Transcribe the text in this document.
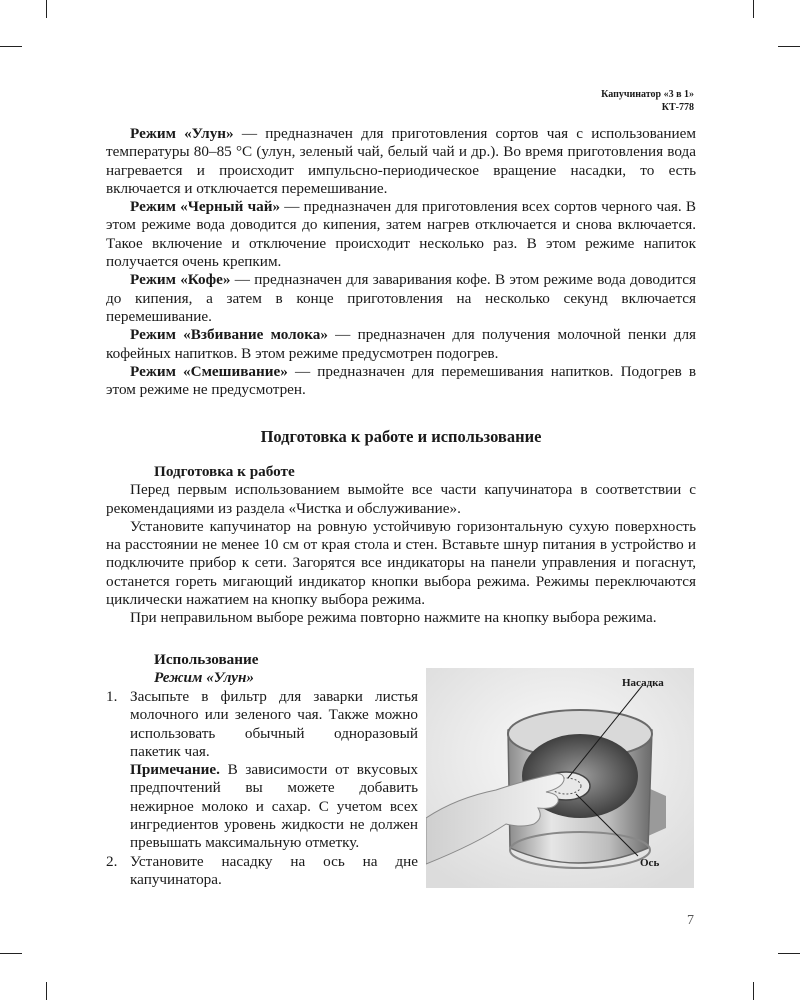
Капучинатор «3 в 1»
КТ-778

Режим «Улун» — предназначен для приготовления сортов чая с использованием температуры 80–85 °С (улун, зеленый чай, белый чай и др.). Во время приготовления вода нагревается и происходит импульсно-периодическое вращение насадки, то есть включается и отключается перемешивание.

Режим «Черный чай» — предназначен для приготовления всех сортов черного чая. В этом режиме вода доводится до кипения, затем нагрев отключается и снова включается. Такое включение и отключение происходит несколько раз. В этом режиме напиток получается очень крепким.

Режим «Кофе» — предназначен для заваривания кофе. В этом режиме вода доводится до кипения, а затем в конце приготовления на несколько секунд включается перемешивание.

Режим «Взбивание молока» — предназначен для получения молочной пенки для кофейных напитков. В этом режиме предусмотрен подогрев.

Режим «Смешивание» — предназначен для перемешивания напитков. Подогрев в этом режиме не предусмотрен.

Подготовка к работе и использование

Подготовка к работе

Перед первым использованием вымойте все части капучинатора в соответствии с рекомендациями из раздела «Чистка и обслуживание».

Установите капучинатор на ровную устойчивую горизонтальную сухую поверхность на расстоянии не менее 10 см от края стола и стен. Вставьте шнур питания в устройство и подключите прибор к сети. Загорятся все индикаторы на панели управления и погаснут, останется гореть мигающий индикатор кнопки выбора режима. Режимы переключаются циклически нажатием на кнопку выбора режима.

При неправильном выборе режима повторно нажмите на кнопку выбора режима.

Использование

Режим «Улун»

1. Засыпьте в фильтр для заварки листья молочного или зеленого чая. Также можно использовать обычный одноразовый пакетик чая.
Примечание. В зависимости от вкусовых предпочтений вы можете добавить нежирное молоко и сахар. С учетом всех ингредиентов уровень жидкости не должен превышать максимальную отметку.
2. Установите насадку на ось на дне капучинатора.
Насадка
Ось
7
